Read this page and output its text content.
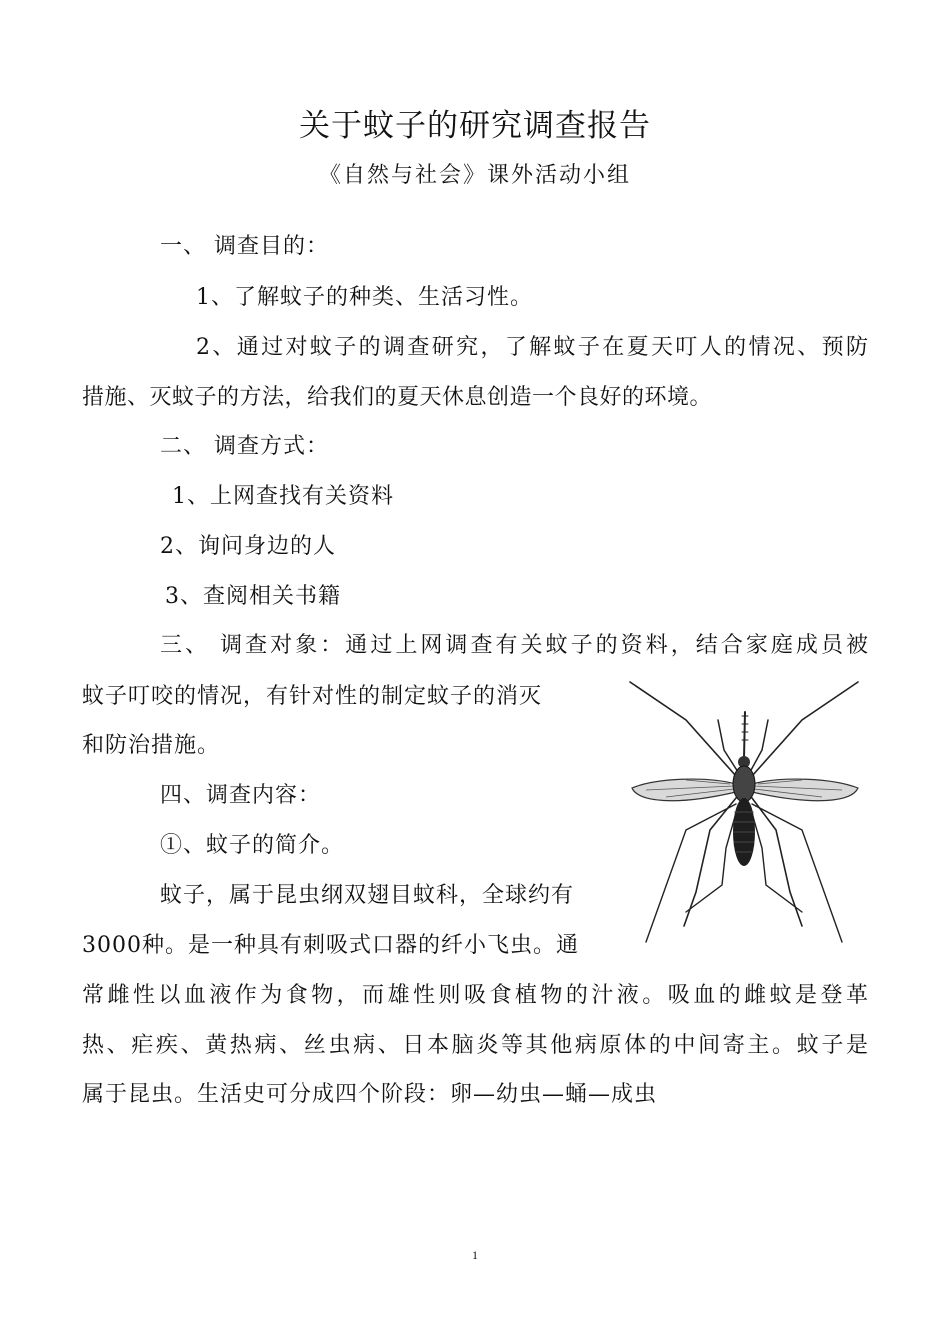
关于蚊子的研究调查报告
《自然与社会》课外活动小组
一、 调查目的：
1、了解蚊子的种类、生活习性。
2、通过对蚊子的调查研究，了解蚊子在夏天叮人的情况、预防
措施、灭蚊子的方法，给我们的夏天休息创造一个良好的环境。
二、 调查方式：
1、上网查找有关资料
2、询问身边的人
3、查阅相关书籍
三、 调查对象：通过上网调查有关蚊子的资料，结合家庭成员被
蚊子叮咬的情况，有针对性的制定蚊子的消灭
和防治措施。
四、调查内容：
①、蚊子的简介。
蚊子，属于昆虫纲双翅目蚊科，全球约有
3000种。是一种具有刺吸式口器的纤小飞虫。通
常雌性以血液作为食物，而雄性则吸食植物的汁液。吸血的雌蚊是登革
热、疟疾、黄热病、丝虫病、日本脑炎等其他病原体的中间寄主。蚊子是
属于昆虫。生活史可分成四个阶段：卵—幼虫—蛹—成虫
1
